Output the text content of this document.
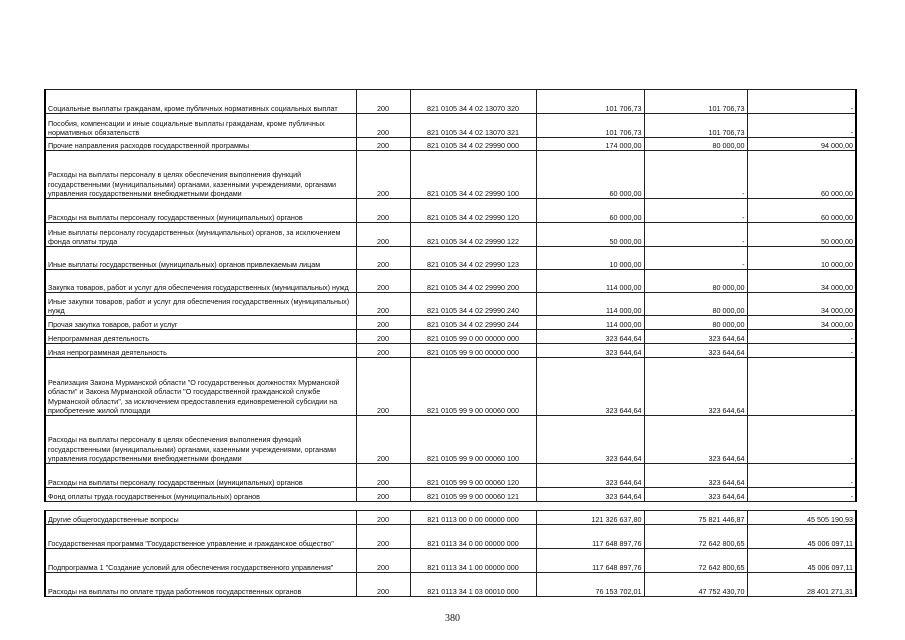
Социальные выплаты гражданам, кроме публичных нормативных социальных выплат	200	821 0105 34 4 02 13070 320	101 706,73	101 706,73	-
Пособия, компенсации и иные социальные выплаты гражданам, кроме публичных нормативных обязательств	200	821 0105 34 4 02 13070 321	101 706,73	101 706,73	-
Прочие направления расходов государственной программы	200	821 0105 34 4 02 29990 000	174 000,00	80 000,00	94 000,00
Расходы на выплаты персоналу в целях обеспечения выполнения функций государственными (муниципальными) органами, казенными учреждениями, органами управления государственными внебюджетными фондами	200	821 0105 34 4 02 29990 100	60 000,00	-	60 000,00
Расходы на выплаты персоналу государственных (муниципальных) органов	200	821 0105 34 4 02 29990 120	60 000,00	-	60 000,00
Иные выплаты персоналу государственных (муниципальных) органов, за исключением фонда оплаты труда	200	821 0105 34 4 02 29990 122	50 000,00	-	50 000,00
Иные выплаты государственных (муниципальных) органов привлекаемым лицам	200	821 0105 34 4 02 29990 123	10 000,00	-	10 000,00
Закупка товаров, работ и услуг для обеспечения государственных (муниципальных) нужд	200	821 0105 34 4 02 29990 200	114 000,00	80 000,00	34 000,00
Иные закупки товаров, работ и услуг для обеспечения государственных (муниципальных) нужд	200	821 0105 34 4 02 29990 240	114 000,00	80 000,00	34 000,00
Прочая закупка товаров, работ и услуг	200	821 0105 34 4 02 29990 244	114 000,00	80 000,00	34 000,00
Непрограммная деятельность	200	821 0105 99 0 00 00000 000	323 644,64	323 644,64	-
Иная непрограммная деятельность	200	821 0105 99 9 00 00000 000	323 644,64	323 644,64	-
Реализация Закона Мурманской области "О государственных должностях Мурманской области" и Закона Мурманской области "О государственной гражданской службе Мурманской области", за исключением предоставления единовременной субсидии на приобретение жилой площади	200	821 0105 99 9 00 00060 000	323 644,64	323 644,64	-
Расходы на выплаты персоналу в целях обеспечения выполнения функций государственными (муниципальными) органами, казенными учреждениями, органами управления государственными внебюджетными фондами	200	821 0105 99 9 00 00060 100	323 644,64	323 644,64	-
Расходы на выплаты персоналу государственных (муниципальных) органов	200	821 0105 99 9 00 00060 120	323 644,64	323 644,64	-
Фонд оплаты труда государственных (муниципальных) органов	200	821 0105 99 9 00 00060 121	323 644,64	323 644,64	-

Другие общегосударственные вопросы	200	821 0113 00 0 00 00000 000	121 326 637,80	75 821 446,87	45 505 190,93
Государственная программа "Государственное управление и гражданское общество"	200	821 0113 34 0 00 00000 000	117 648 897,76	72 642 800,65	45 006 097,11
Подпрограмма 1 "Создание условий для обеспечения государственного управления"	200	821 0113 34 1 00 00000 000	117 648 897,76	72 642 800,65	45 006 097,11
Расходы на выплаты по оплате труда работников государственных органов	200	821 0113 34 1 03 00010 000	76 153 702,01	47 752 430,70	28 401 271,31
380
